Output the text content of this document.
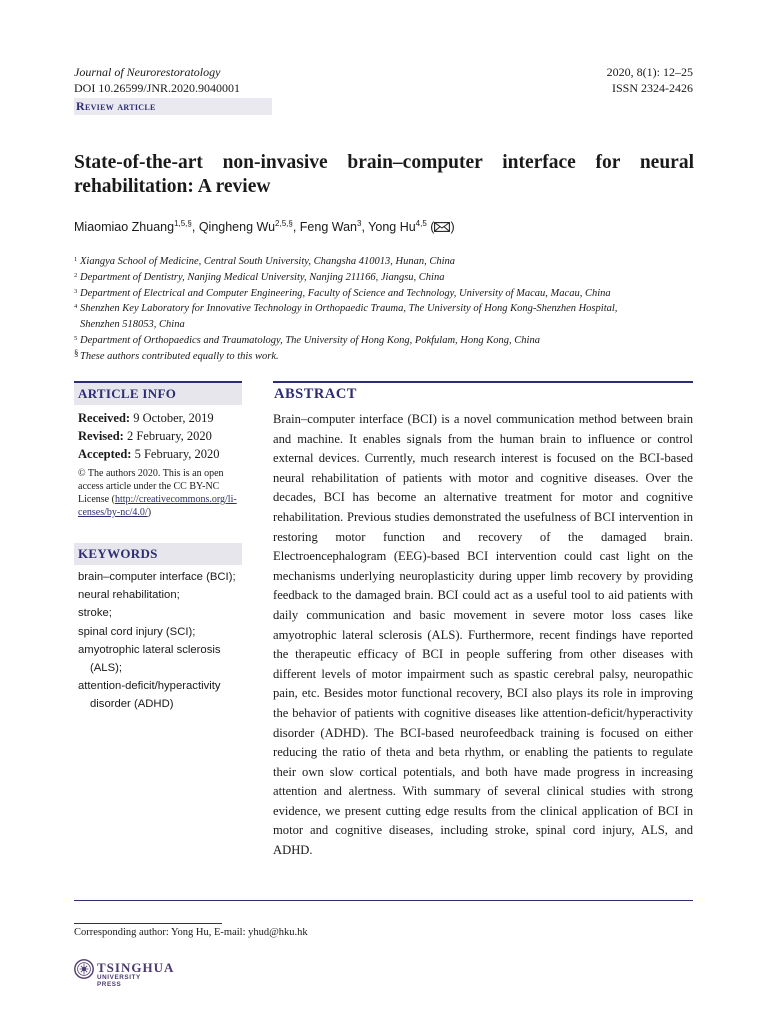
Journal of Neurorestoratology
DOI 10.26599/JNR.2020.9040001
2020, 8(1): 12–25
ISSN 2324-2426
Review article
State-of-the-art non-invasive brain–computer interface for neural rehabilitation: A review
Miaomiao Zhuang$^{1,5,\S}$, Qingheng $Wu^{2,5,\S}$, Feng Wan$^3$, Yong Hu$^{4,5}$ ( )
1 Xiangya School of Medicine, Central South University, Changsha 410013, Hunan, China
2 Department of Dentistry, Nanjing Medical University, Nanjing 211166, Jiangsu, China
3 Department of Electrical and Computer Engineering, Faculty of Science and Technology, University of Macau, Macau, China
4 Shenzhen Key Laboratory for Innovative Technology in Orthopaedic Trauma, The University of Hong Kong-Shenzhen Hospital,
Shenzhen 518053, China
5 Department of Orthopaedics and Traumatology, The University of Hong Kong, Pokfulam, Hong Kong, China
§ These authors contributed equally to this work.
ARTICLE INFO
Received: 9 October, 2019
Revised: 2 February, 2020
Accepted: 5 February, 2020
© The authors 2020. This is an open access article under the CC BY-NC License (http://creativecommons.org/li-
censes/by-nc/4.0/)
KEYWORDS
brain–computer interface (BCI);
neural rehabilitation;
stroke;
spinal cord injury (SCI);
amyotrophic lateral sclerosis (ALS);
attention-deficit/hyperactivity disorder (ADHD)
ABSTRACT
Brain–computer interface (BCI) is a novel communication method between brain and machine. It enables signals from the human brain to influence or control external devices. Currently, much research interest is focused on the BCI-based neural rehabilitation of patients with motor and cognitive diseases. Over the decades, BCI has become an alternative treatment for motor and cognitive rehabilitation. Previous studies demonstrated the usefulness of BCI intervention in restoring motor function and recovery of the damaged brain. Electroencephalogram (EEG)-based BCI intervention could cast light on the mechanisms underlying neuroplasticity during upper limb recovery by providing feedback to the damaged brain. BCI could act as a useful tool to aid patients with daily communication and basic movement in severe motor loss cases like amyotrophic lateral sclerosis (ALS). Furthermore, recent findings have reported the therapeutic efficacy of BCI in people suffering from other diseases with different levels of motor impairment such as spastic cerebral palsy, neuropathic pain, etc. Besides motor functional recovery, BCI also plays its role in improving the behavior of patients with cognitive diseases like attention-deficit/hyperactivity disorder (ADHD). The BCI-based neurofeedback training is focused on either reducing the ratio of theta and beta rhythm, or enabling the patients to regulate their own slow cortical potentials, and both have made progress in increasing attention and alertness. With summary of several clinical studies with strong evidence, we present cutting edge results from the clinical application of BCI in motor and cognitive diseases, including stroke, spinal cord injury, ALS, and ADHD.
Corresponding author: Yong Hu, E-mail: yhud@hku.hk
TSINGHUA
UNIVERSITY PRESS
